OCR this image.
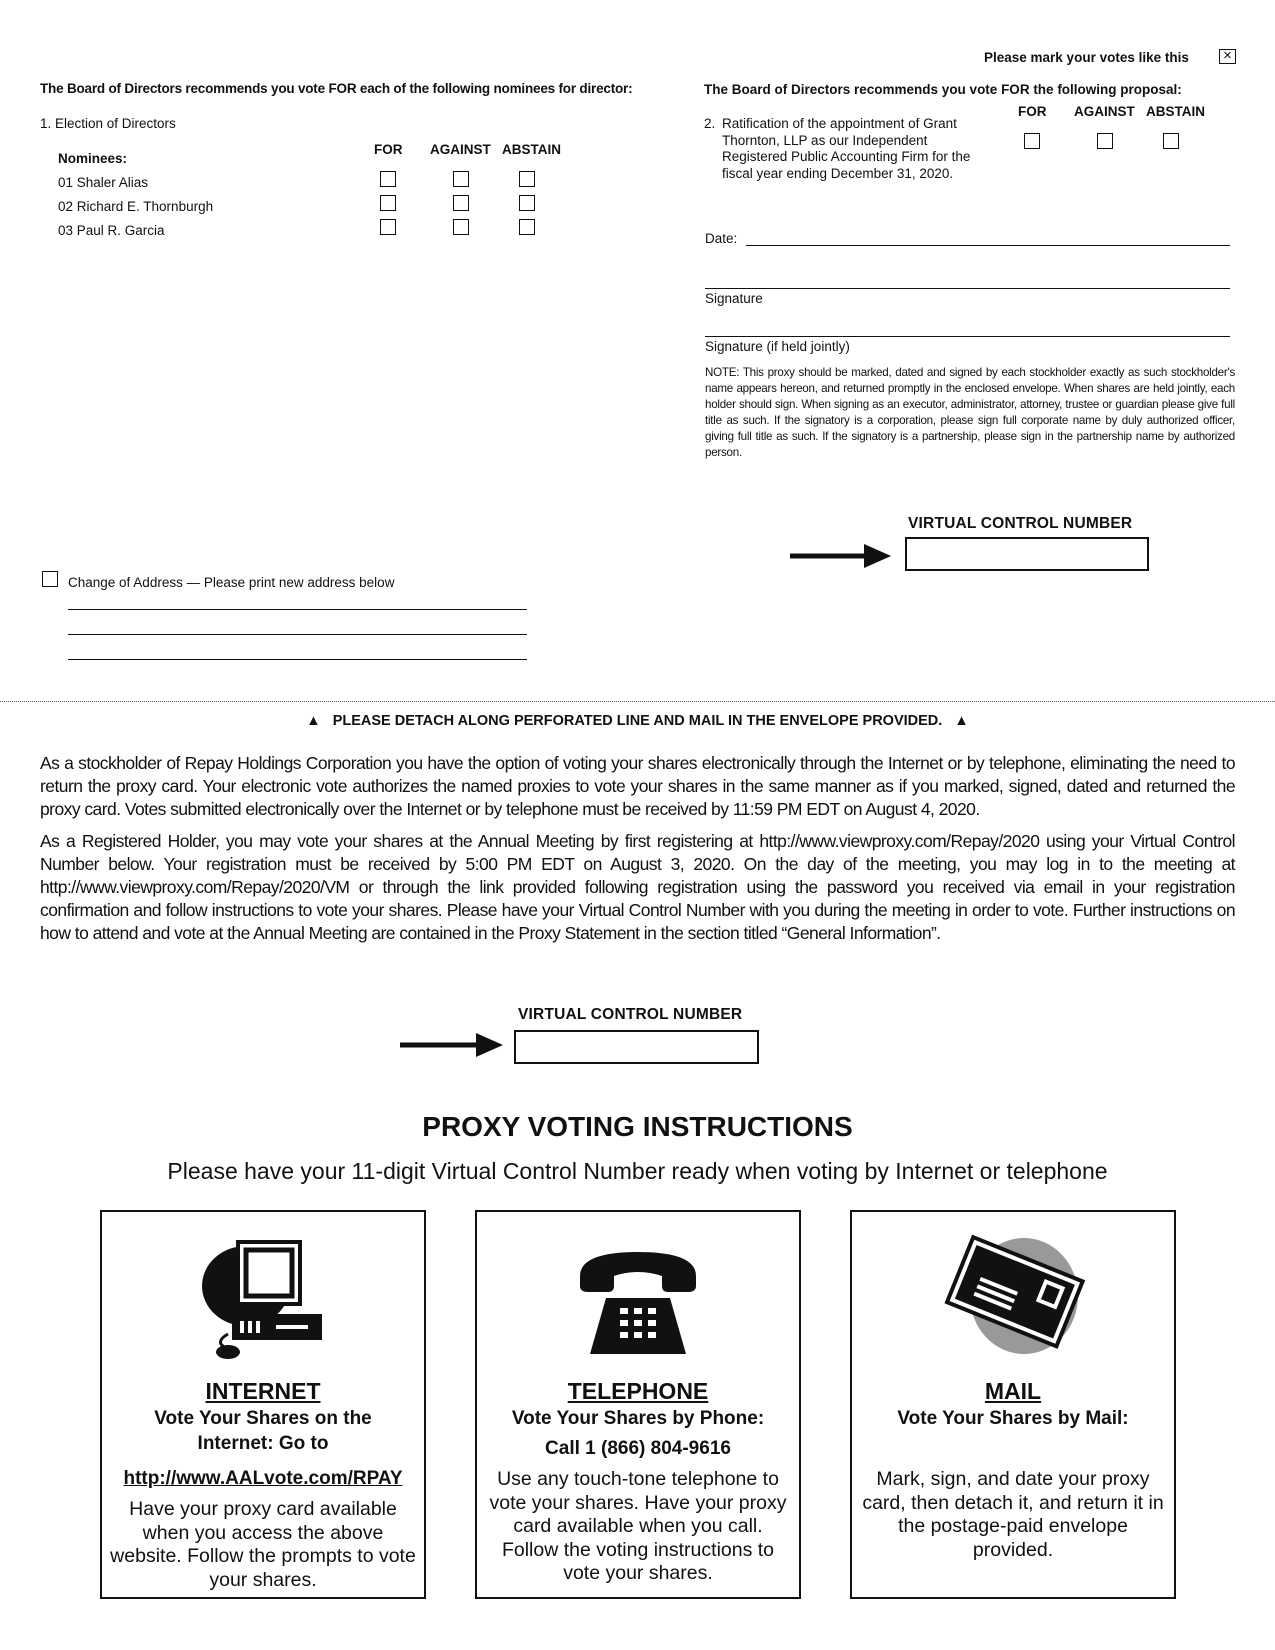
Please mark your votes like this ×
The Board of Directors recommends you vote FOR each of the following nominees for director:
1. Election of Directors
FOR AGAINST ABSTAIN
Nominees:
01 Shaler Alias
02 Richard E. Thornburgh
03 Paul R. Garcia
Change of Address — Please print new address below
The Board of Directors recommends you vote FOR the following proposal:
FOR AGAINST ABSTAIN
2. Ratification of the appointment of Grant
Thornton, LLP as our Independent
Registered Public Accounting Firm for the
fiscal year ending December 31, 2020.
Date:
Signature
Signature (if held jointly)
NOTE: This proxy should be marked, dated and signed by each stockholder exactly as such stockholder's name appears hereon, and returned promptly in the enclosed envelope. When shares are held jointly, each holder should sign. When signing as an executor, administrator, attorney, trustee or guardian please give full title as such. If the signatory is a corporation, please sign full corporate name by duly authorized officer, giving full title as such. If the signatory is a partnership, please sign in the partnership name by authorized person.
VIRTUAL CONTROL NUMBER
▲ PLEASE DETACH ALONG PERFORATED LINE AND MAIL IN THE ENVELOPE PROVIDED. ▲
As a stockholder of Repay Holdings Corporation you have the option of voting your shares electronically through the Internet or by telephone, eliminating the need to return the proxy card. Your electronic vote authorizes the named proxies to vote your shares in the same manner as if you marked, signed, dated and returned the proxy card. Votes submitted electronically over the Internet or by telephone must be received by 11:59 PM EDT on August 4, 2020.
As a Registered Holder, you may vote your shares at the Annual Meeting by first registering at http://www.viewproxy.com/Repay/2020 using your Virtual Control Number below. Your registration must be received by 5:00 PM EDT on August 3, 2020. On the day of the meeting, you may log in to the meeting at http://www.viewproxy.com/Repay/2020/VM or through the link provided following registration using the password you received via email in your registration confirmation and follow instructions to vote your shares. Please have your Virtual Control Number with you during the meeting in order to vote. Further instructions on how to attend and vote at the Annual Meeting are contained in the Proxy Statement in the section titled “General Information”.
VIRTUAL CONTROL NUMBER
PROXY VOTING INSTRUCTIONS
Please have your 11-digit Virtual Control Number ready when voting by Internet or telephone
INTERNET
Vote Your Shares on the
Internet: Go to
http://www.AALvote.com/RPAY
Have your proxy card available when you access the above website. Follow the prompts to vote your shares.
TELEPHONE
Vote Your Shares by Phone:
Call 1 (866) 804-9616
Use any touch-tone telephone to vote your shares. Have your proxy card available when you call. Follow the voting instructions to vote your shares.
MAIL
Vote Your Shares by Mail:
Mark, sign, and date your proxy card, then detach it, and return it in the postage-paid envelope provided.
